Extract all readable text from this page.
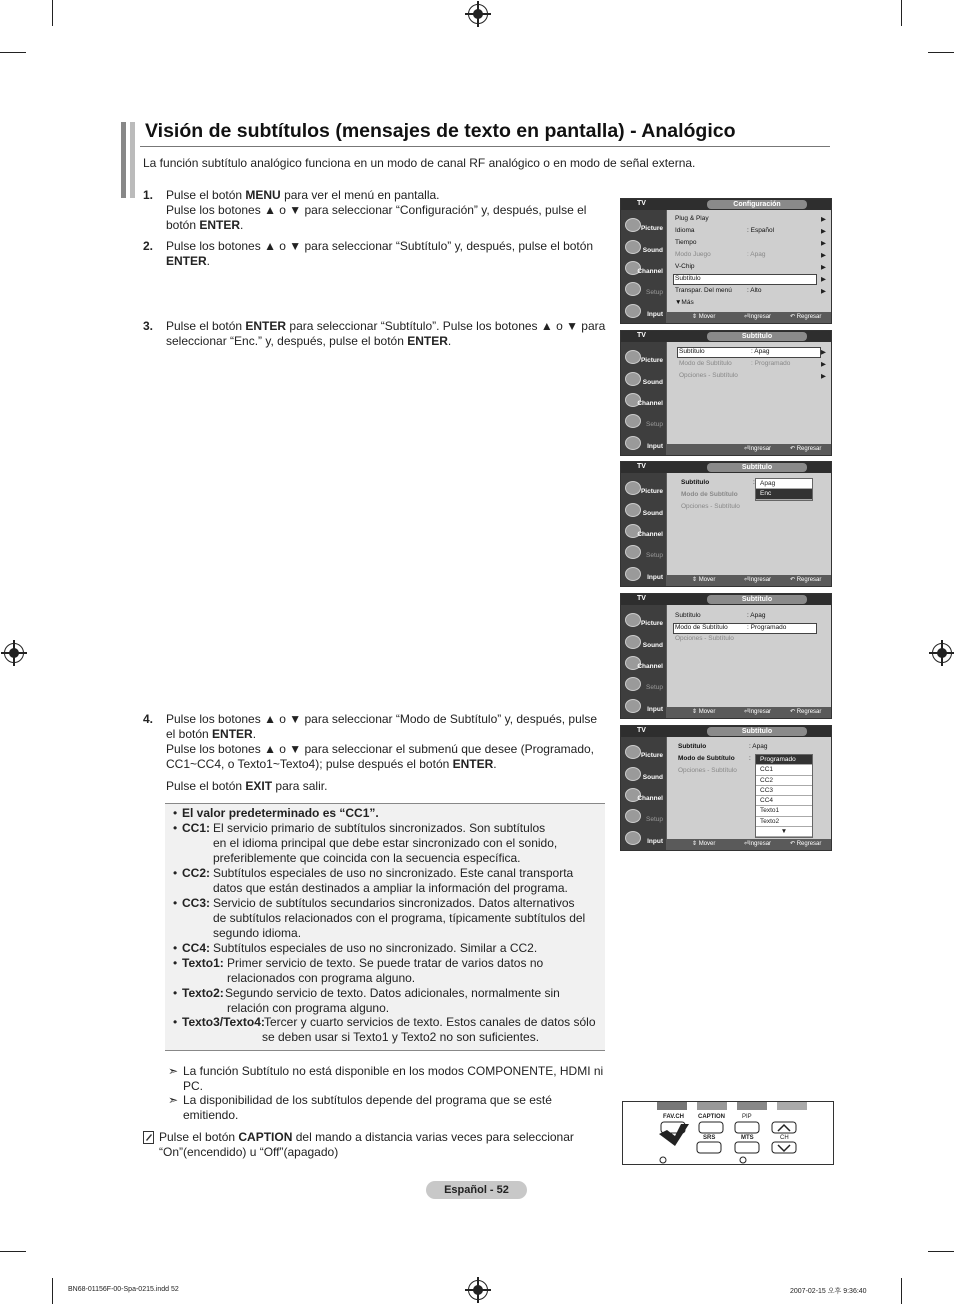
Visión de subtítulos (mensajes de texto en pantalla) - Analógico
La función subtítulo analógico funciona en un modo de canal RF analógico o en modo de señal externa.
1. Pulse el botón MENU para ver el menú en pantalla.
Pulse los botones ▲ o ▼ para seleccionar “Configuración” y, después, pulse el botón ENTER.
2. Pulse los botones ▲ o ▼ para seleccionar “Subtítulo” y, después, pulse el botón ENTER.
3. Pulse el botón ENTER para seleccionar “Subtítulo”. Pulse los botones ▲ o ▼ para seleccionar “Enc.” y, después, pulse el botón ENTER.
4. Pulse los botones ▲ o ▼ para seleccionar “Modo de Subtítulo” y, después, pulse el botón ENTER.
Pulse los botones ▲ o ▼ para seleccionar el submenú que desee (Programado, CC1~CC4, o Texto1~Texto4); pulse después el botón ENTER.
Pulse el botón EXIT para salir.
• El valor predeterminado es “CC1”.
• CC1: El servicio primario de subtítulos sincronizados. Son subtítulos
en el idioma principal que debe estar sincronizado con el sonido,
preferiblemente que coincida con la secuencia específica.
• CC2: Subtítulos especiales de uso no sincronizado. Este canal transporta
datos que están destinados a ampliar la información del programa.
• CC3: Servicio de subtítulos secundarios sincronizados. Datos alternativos
de subtítulos relacionados con el programa, típicamente subtítulos del
segundo idioma.
• CC4: Subtítulos especiales de uso no sincronizado. Similar a CC2.
• Texto1: Primer servicio de texto. Se puede tratar de varios datos no
relacionados con programa alguno.
• Texto2: Segundo servicio de texto. Datos adicionales, normalmente sin
relación con programa alguno.
• Texto3/Texto4: Tercer y cuarto servicios de texto. Estos canales de datos sólo
se deben usar si Texto1 y Texto2 no son suficientes.
➣ La función Subtítulo no está disponible en los modos COMPONENTE, HDMI ni
PC.
➣ La disponibilidad de los subtítulos depende del programa que se esté
emitiendo.
Pulse el botón CAPTION del mando a distancia varias veces para seleccionar
“On”(encendido) u “Off”(apagado)
Español - 52
BN68-01156F-00-Spa-0215.indd 52	2007-02-15 오후 9:36:40
TV	Configuración
Picture
Sound
Channel
Setup
Input
Plug & Play	▶
Idioma	: Español	▶
Tiempo	▶
Modo Juego	: Apag	▶
V-Chip	▶
Subtítulo	▶
Transpar. Del menú : Alto	▶
▼Más
⇕ Mover	⏎Ingresar	↶ Regresar
TV	Subtítulo
Picture
Sound
Channel
Setup
Input
Subtítulo	: Apag	▶
Modo de Subtítulo	: Programado	▶
Opciones - Subtítulo	▶
⏎Ingresar	↶ Regresar
TV	Subtítulo
Picture
Sound
Channel
Setup
Input
Subtítulo	:
Modo de Subtítulo
Opciones - Subtítulo
Apag
Enc
⇕ Mover	⏎Ingresar	↶ Regresar
TV	Subtítulo
Picture
Sound
Channel
Setup
Input
Subtítulo	: Apag
Modo de Subtítulo	: Programado
Opciones - Subtítulo
⇕ Mover	⏎Ingresar	↶ Regresar
TV	Subtítulo
Picture
Sound
Channel
Setup
Input
Subtítulo	: Apag
Modo de Subtítulo :
Opciones - Subtítulo
Programado
CC1
CC2
CC3
CC4
Texto1
Texto2
▼
⇕ Mover	⏎Ingresar	↶ Regresar
FAV.CH CAPTION	PIP
SRS	MTS	CH
